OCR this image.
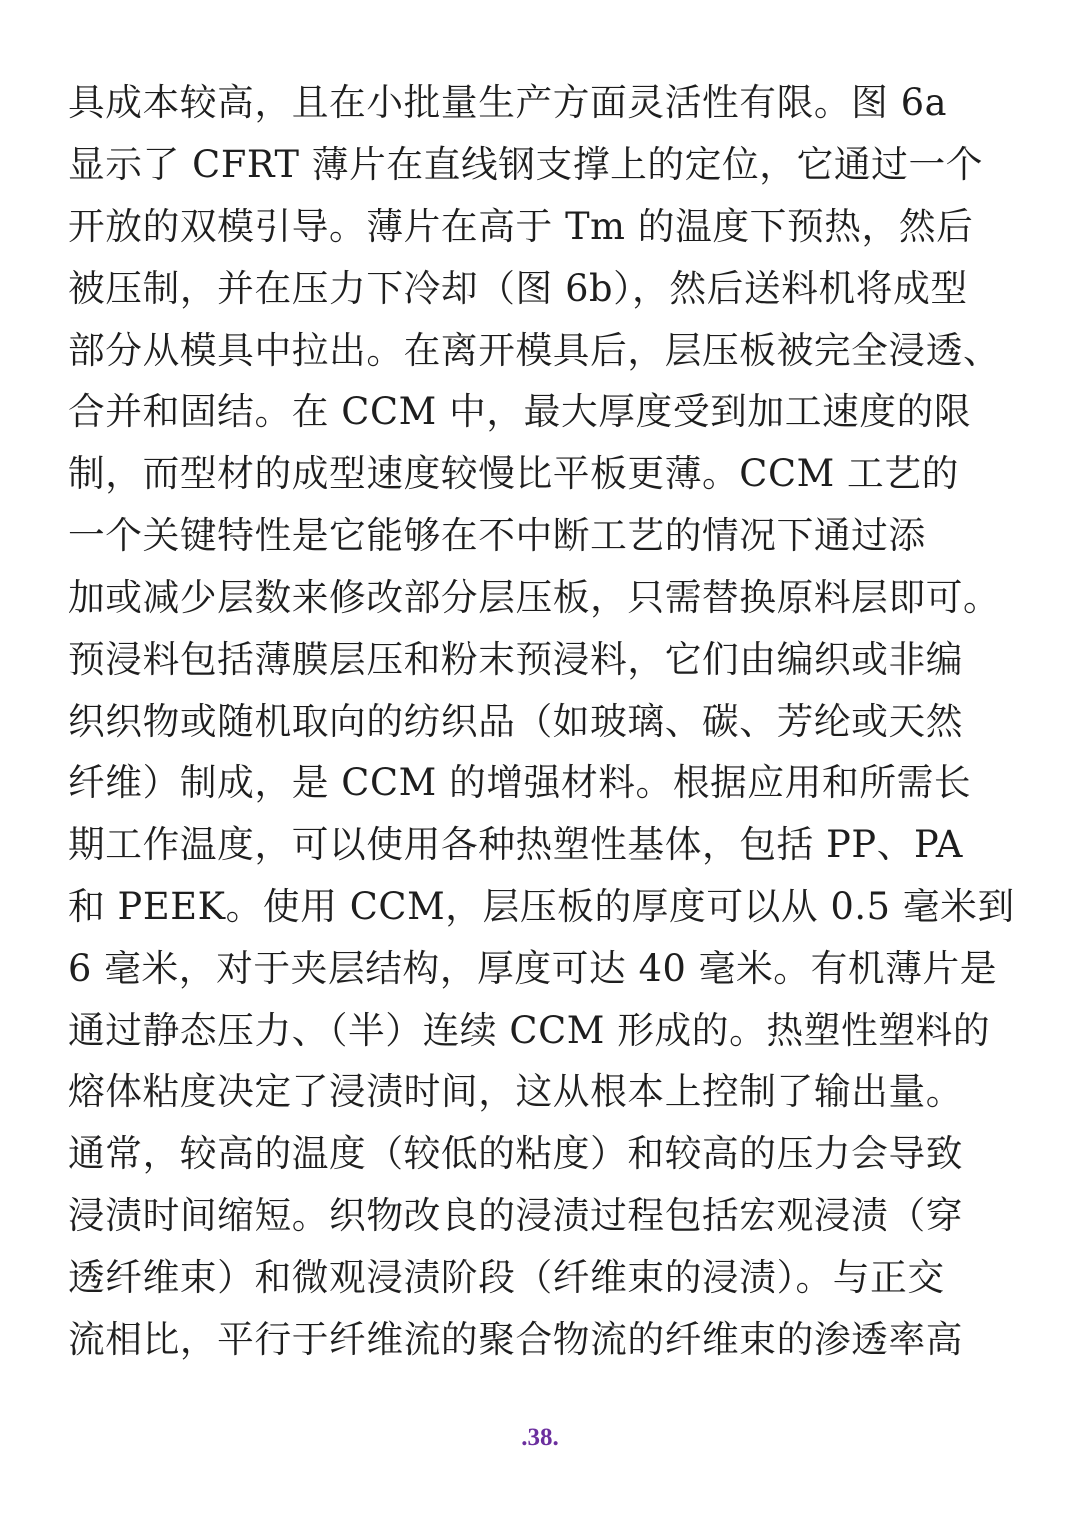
具成本较高，且在小批量生产方面灵活性有限。图 6a
显示了 CFRT 薄片在直线钢支撑上的定位，它通过一个
开放的双模引导。薄片在高于 Tm 的温度下预热，然后
被压制，并在压力下冷却（图 6b），然后送料机将成型
部分从模具中拉出。在离开模具后，层压板被完全浸透、
合并和固结。在 CCM 中，最大厚度受到加工速度的限
制，而型材的成型速度较慢比平板更薄。CCM 工艺的
一个关键特性是它能够在不中断工艺的情况下通过添
加或减少层数来修改部分层压板，只需替换原料层即可。
预浸料包括薄膜层压和粉末预浸料，它们由编织或非编
织织物或随机取向的纺织品（如玻璃、碳、芳纶或天然
纤维）制成，是 CCM 的增强材料。根据应用和所需长
期工作温度，可以使用各种热塑性基体，包括 PP、PA
和 PEEK。使用 CCM，层压板的厚度可以从 0.5 毫米到
6 毫米，对于夹层结构，厚度可达 40 毫米。有机薄片是
通过静态压力、（半）连续 CCM 形成的。热塑性塑料的
熔体粘度决定了浸渍时间，这从根本上控制了输出量。
通常，较高的温度（较低的粘度）和较高的压力会导致
浸渍时间缩短。织物改良的浸渍过程包括宏观浸渍（穿
透纤维束）和微观浸渍阶段（纤维束的浸渍）。与正交
流相比，平行于纤维流的聚合物流的纤维束的渗透率高
.38.
